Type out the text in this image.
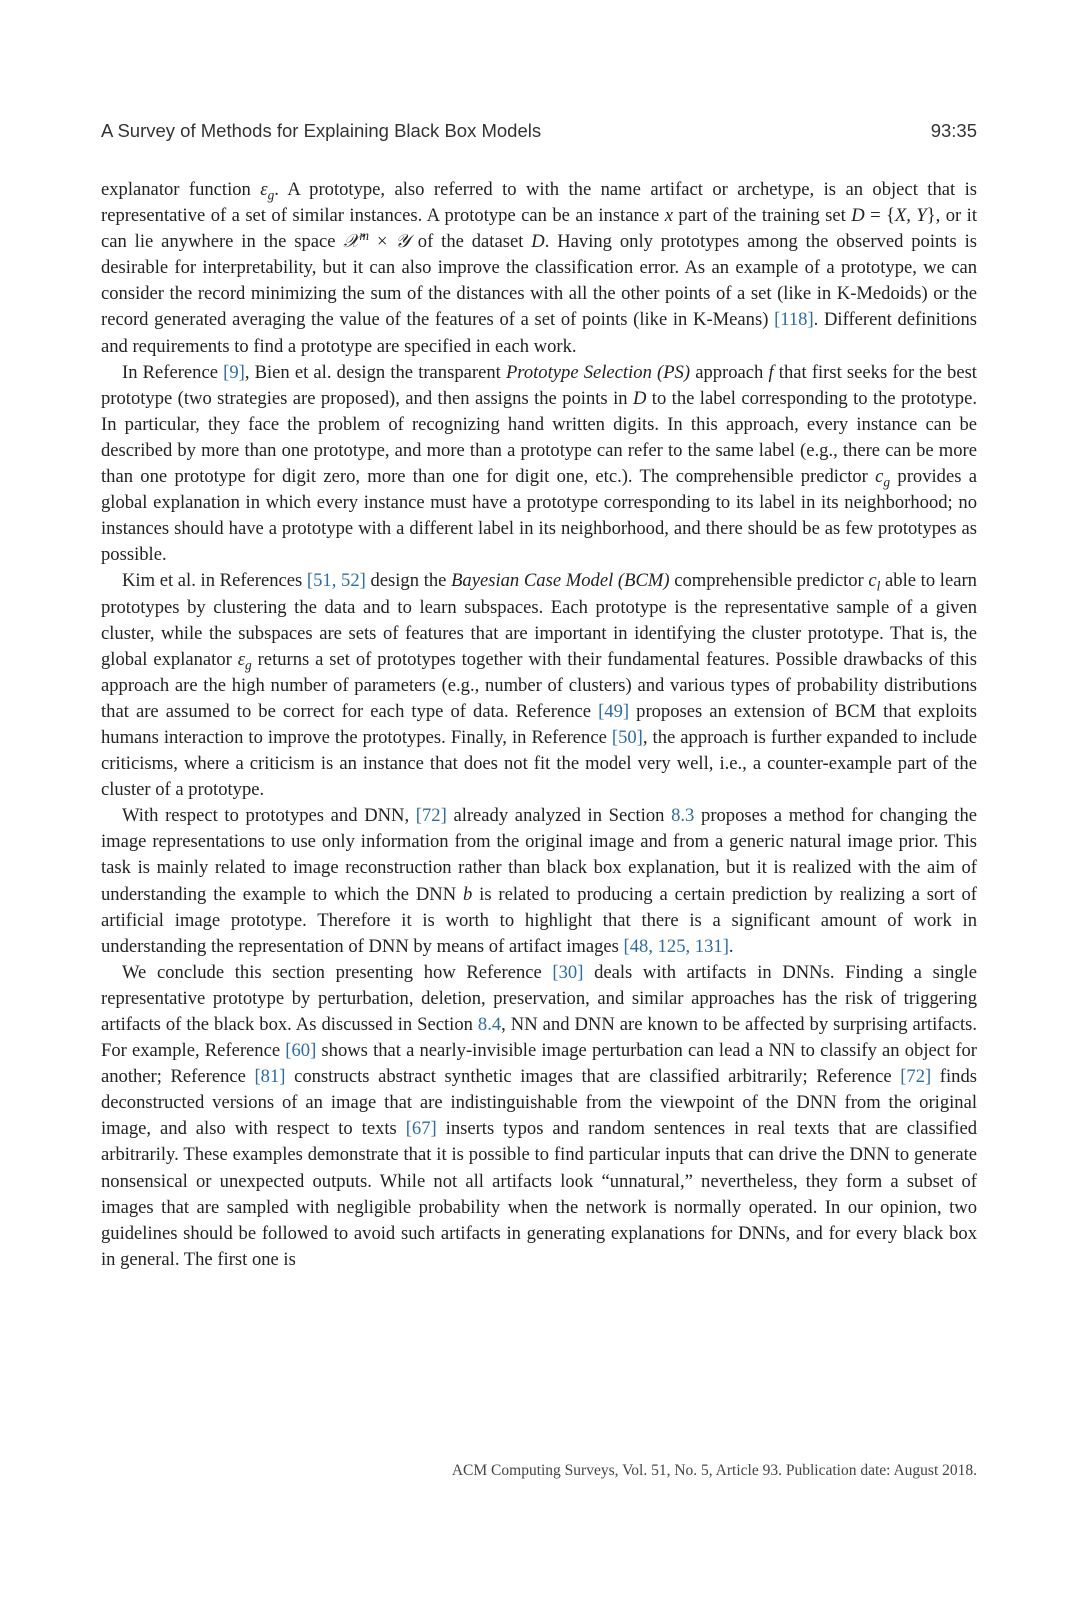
A Survey of Methods for Explaining Black Box Models	93:35

explanator function $\varepsilon_g$. A prototype, also referred to with the name artifact or archetype, is an object that is representative of a set of similar instances. A prototype can be an instance x part of the training set D = {X, Y}, or it can lie anywhere in the space 𝒳$^m$ × 𝒴 of the dataset D. Having only prototypes among the observed points is desirable for interpretability, but it can also improve the classification error. As an example of a prototype, we can consider the record minimizing the sum of the distances with all the other points of a set (like in K-Medoids) or the record generated averaging the value of the features of a set of points (like in K-Means) [118]. Different definitions and requirements to find a prototype are specified in each work.

In Reference [9], Bien et al. design the transparent Prototype Selection (PS) approach f that first seeks for the best prototype (two strategies are proposed), and then assigns the points in D to the label corresponding to the prototype. In particular, they face the problem of recognizing hand written digits. In this approach, every instance can be described by more than one prototype, and more than a prototype can refer to the same label (e.g., there can be more than one prototype for digit zero, more than one for digit one, etc.). The comprehensible predictor $c_g$ provides a global explanation in which every instance must have a prototype corresponding to its label in its neighborhood; no instances should have a prototype with a different label in its neighborhood, and there should be as few prototypes as possible.

Kim et al. in References [51, 52] design the Bayesian Case Model (BCM) comprehensible predictor $c_l$ able to learn prototypes by clustering the data and to learn subspaces. Each prototype is the representative sample of a given cluster, while the subspaces are sets of features that are important in identifying the cluster prototype. That is, the global explanator $\varepsilon_g$ returns a set of prototypes together with their fundamental features. Possible drawbacks of this approach are the high number of parameters (e.g., number of clusters) and various types of probability distributions that are assumed to be correct for each type of data. Reference [49] proposes an extension of BCM that exploits humans interaction to improve the prototypes. Finally, in Reference [50], the approach is further expanded to include criticisms, where a criticism is an instance that does not fit the model very well, i.e., a counter-example part of the cluster of a prototype.

With respect to prototypes and DNN, [72] already analyzed in Section 8.3 proposes a method for changing the image representations to use only information from the original image and from a generic natural image prior. This task is mainly related to image reconstruction rather than black box explanation, but it is realized with the aim of understanding the example to which the DNN b is related to producing a certain prediction by realizing a sort of artificial image prototype. Therefore it is worth to highlight that there is a significant amount of work in understanding the representation of DNN by means of artifact images [48, 125, 131].

We conclude this section presenting how Reference [30] deals with artifacts in DNNs. Finding a single representative prototype by perturbation, deletion, preservation, and similar approaches has the risk of triggering artifacts of the black box. As discussed in Section 8.4, NN and DNN are known to be affected by surprising artifacts. For example, Reference [60] shows that a nearly-invisible image perturbation can lead a NN to classify an object for another; Reference [81] constructs abstract synthetic images that are classified arbitrarily; Reference [72] finds deconstructed versions of an image that are indistinguishable from the viewpoint of the DNN from the original image, and also with respect to texts [67] inserts typos and random sentences in real texts that are classified arbitrarily. These examples demonstrate that it is possible to find particular inputs that can drive the DNN to generate nonsensical or unexpected outputs. While not all artifacts look “unnatural,” nevertheless, they form a subset of images that are sampled with negligible probability when the network is normally operated. In our opinion, two guidelines should be followed to avoid such artifacts in generating explanations for DNNs, and for every black box in general. The first one is

ACM Computing Surveys, Vol. 51, No. 5, Article 93. Publication date: August 2018.
